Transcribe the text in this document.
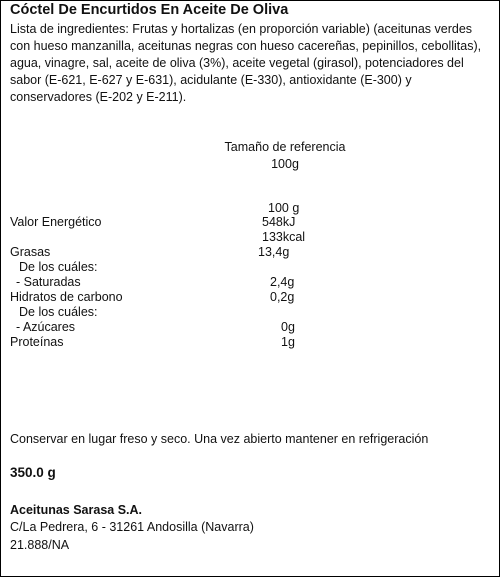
Cóctel De Encurtidos En Aceite De Oliva
Lista de ingredientes: Frutas y hortalizas (en proporción variable) (aceitunas verdes con hueso manzanilla, aceitunas negras con hueso cacereñas, pepinillos, cebollitas), agua, vinagre, sal, aceite de oliva (3%), aceite vegetal (girasol), potenciadores del sabor (E-621, E-627 y E-631), acidulante (E-330), antioxidante (E-300) y conservadores (E-202 y E-211).
Tamaño de referencia
100g
100 g
Valor Energético	548kJ
133kcal
Grasas	13,4g
De los cuáles:
- Saturadas	2,4g
Hidratos de carbono	0,2g
De los cuáles:
- Azúcares	0g
Proteínas	1g
Conservar en lugar freso y seco. Una vez abierto mantener en refrigeración
350.0 g
Aceitunas Sarasa S.A.
C/La Pedrera, 6 - 31261 Andosilla (Navarra)
21.888/NA
